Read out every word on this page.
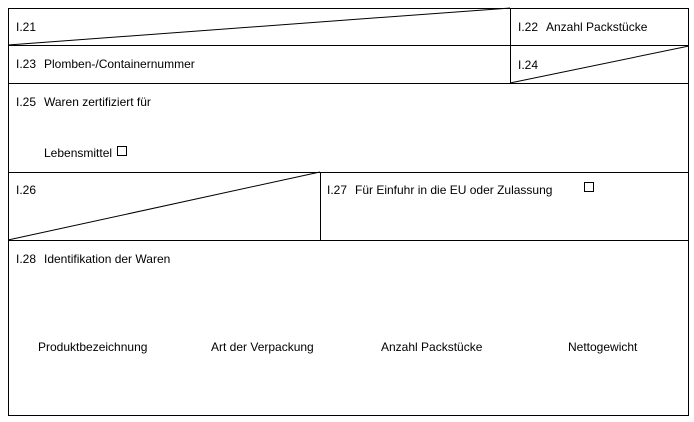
I.21	I.22 Anzahl Packstücke
I.23 Plomben-/Containernummer	I.24
I.25 Waren zertifiziert für
Lebensmittel
I.26	I.27 Für Einfuhr in die EU oder Zulassung
I.28 Identifikation der Waren
Produktbezeichnung	Art der Verpackung	Anzahl Packstücke	Nettogewicht
